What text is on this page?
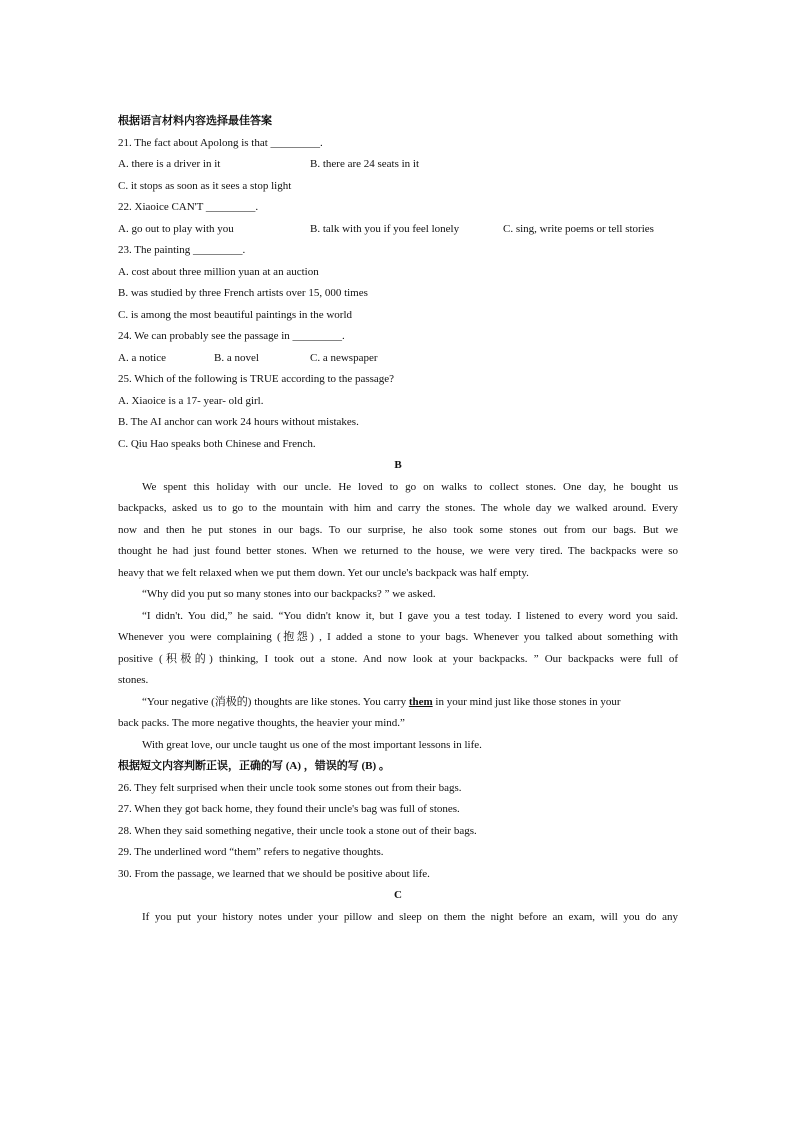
根据语言材料内容选择最佳答案
21. The fact about Apolong is that _________.
A. there is a driver in it	B. there are 24 seats in it
C. it stops as soon as it sees a stop light
22. Xiaoice CAN'T _________.
A. go out to play with you	B. talk with you if you feel lonely	C. sing, write poems or tell stories
23. The painting _________.
A. cost about three million yuan at an auction
B. was studied by three French artists over 15, 000 times
C. is among the most beautiful paintings in the world
24. We can probably see the passage in _________.
A. a notice	B. a novel	C. a newspaper
25. Which of the following is TRUE according to the passage?
A. Xiaoice is a 17- year- old girl.
B. The AI anchor can work 24 hours without mistakes.
C. Qiu Hao speaks both Chinese and French.
B
We spent this holiday with our uncle. He loved to go on walks to collect stones. One day, he bought us
backpacks, asked us to go to the mountain with him and carry the stones. The whole day we walked around. Every
now and then he put stones in our bags. To our surprise, he also took some stones out from our bags. But we
thought he had just found better stones. When we returned to the house, we were very tired. The backpacks were so
heavy that we felt relaxed when we put them down. Yet our uncle's backpack was half empty.
“Why did you put so many stones into our backpacks? ” we asked.
“I didn't. You did,” he said. “You didn't know it, but I gave you a test today. I listened to every word you said.
Whenever you were complaining (抱怨) , I added a stone to your bags. Whenever you talked about something with
positive (积极的) thinking, I took out a stone. And now look at your backpacks. ” Our backpacks were full of
stones.
“Your negative (消极的) thoughts are like stones. You carry them in your mind just like those stones in your
back packs. The more negative thoughts, the heavier your mind.”
With great love, our uncle taught us one of the most important lessons in life.
根据短文内容判断正误，正确的写 (A) ，错误的写 (B) 。
26. They felt surprised when their uncle took some stones out from their bags.
27. When they got back home, they found their uncle's bag was full of stones.
28. When they said something negative, their uncle took a stone out of their bags.
29. The underlined word “them” refers to negative thoughts.
30. From the passage, we learned that we should be positive about life.
C
If you put your history notes under your pillow and sleep on them the night before an exam, will you do any
